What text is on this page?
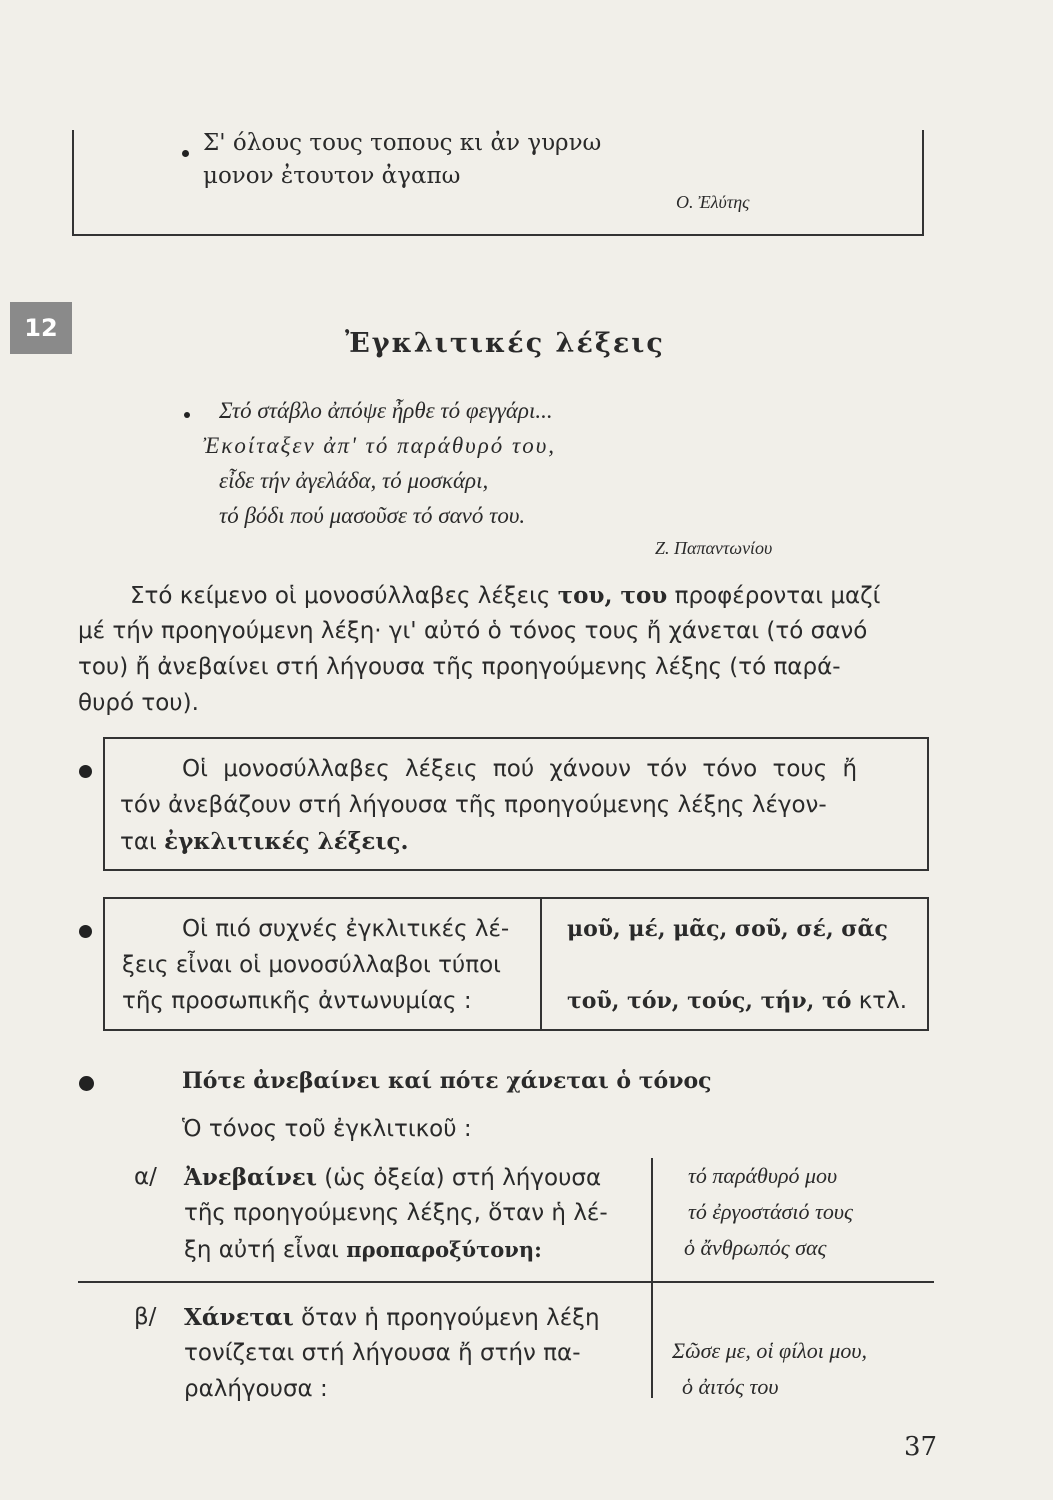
Σ' όλους τους τοπους κι ἀν γυρνω
μονον ἐτουτον ἀγαπω
Ο. Ἐλύτης
12	Ἐγκλιτικές λέξεις
Στό στάβλο ἀπόψε ἦρθε τό φεγγάρι...
Ἐκοίταξεν ἀπ' τό παράθυρό του,
εἶδε τήν ἀγελάδα, τό μοσκάρι,
τό βόδι πού μασοῦσε τό σανό του.
Ζ. Παπαντωνίου
Στό κείμενο οἱ μονοσύλλαβες λέξεις του, του προφέρονται μαζί
μέ τήν προηγούμενη λέξη· γι' αὐτό ὁ τόνος τους ἤ χάνεται (τό σανό
του) ἤ ἀνεβαίνει στή λήγουσα τῆς προηγούμενης λέξης (τό παρά-
θυρό του).
Οἱ μονοσύλλαβες λέξεις πού χάνουν τόν τόνο τους ἤ
τόν ἀνεβάζουν στή λήγουσα τῆς προηγούμενης λέξης λέγον-
ται ἐγκλιτικές λέξεις.
Οἱ πιό συχνές ἐγκλιτικές λέ-
ξεις εἶναι οἱ μονοσύλλαβοι τύποι
τῆς προσωπικῆς ἀντωνυμίας :
μοῦ, μέ, μᾶς, σοῦ, σέ, σᾶς
τοῦ, τόν, τούς, τήν, τό κτλ.
Πότε ἀνεβαίνει καί πότε χάνεται ὁ τόνος
Ὁ τόνος τοῦ ἐγκλιτικοῦ :
α/ Ἀνεβαίνει (ὡς ὀξεία) στή λήγουσα
τῆς προηγούμενης λέξης, ὅταν ἡ λέ-
ξη αὐτή εἶναι προπαροξύτονη:
τό παράθυρό μου
τό ἐργοστάσιό τους
ὁ ἄνθρωπός σας
β/ Χάνεται ὅταν ἡ προηγούμενη λέξη
τονίζεται στή λήγουσα ἤ στήν πα-
ραλήγουσα :
Σῶσε με, οἱ φίλοι μου,
ὁ ἀιτός του
37
